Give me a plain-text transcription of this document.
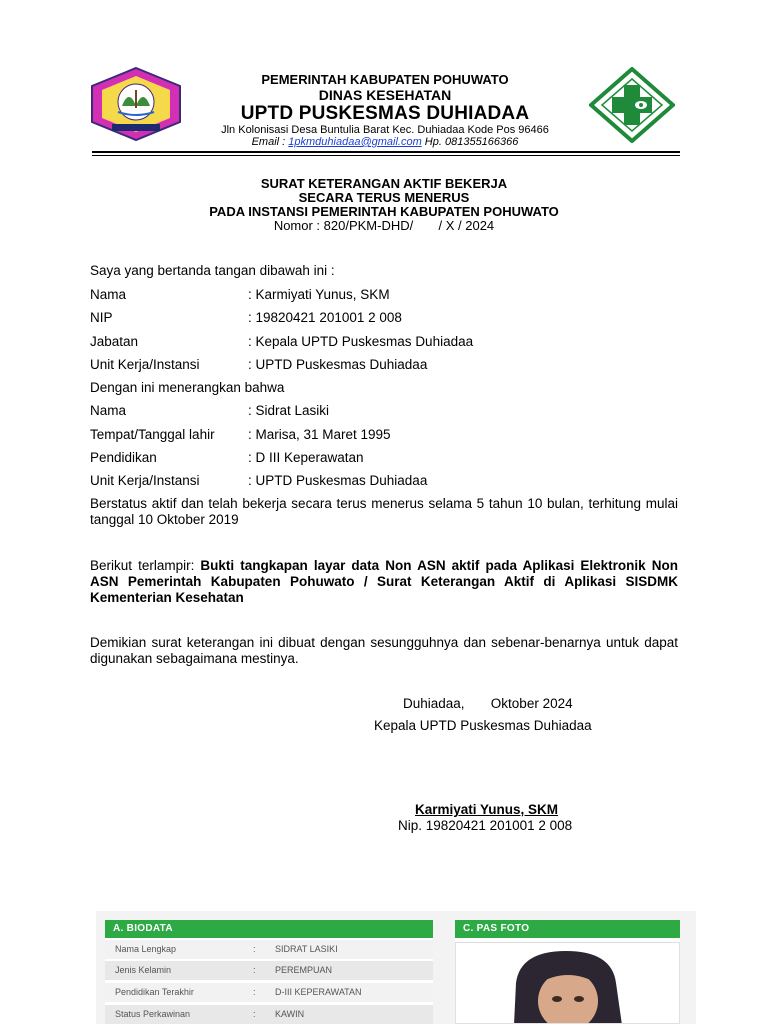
PEMERINTAH KABUPATEN POHUWATO
DINAS KESEHATAN
UPTD PUSKESMAS DUHIADAA
Jln Kolonisasi Desa Buntulia Barat Kec. Duhiadaa Kode Pos 96466
Email : 1pkmduhiadaa@gmail.com Hp. 081355166366
SURAT KETERANGAN AKTIF BEKERJA
SECARA TERUS MENERUS
PADA INSTANSI PEMERINTAH KABUPATEN POHUWATO
Nomor : 820/PKM-DHD/       / X / 2024
Saya yang bertanda tangan dibawah ini :
Nama	: Karmiyati Yunus, SKM
NIP	: 19820421 201001 2 008
Jabatan	: Kepala UPTD Puskesmas Duhiadaa
Unit Kerja/Instansi	: UPTD Puskesmas Duhiadaa
Dengan ini menerangkan bahwa
Nama	: Sidrat Lasiki
Tempat/Tanggal lahir : Marisa, 31 Maret 1995
Pendidikan	: D III Keperawatan
Unit Kerja/Instansi	: UPTD Puskesmas Duhiadaa
Berstatus aktif dan telah bekerja secara terus menerus selama 5 tahun 10 bulan, terhitung mulai tanggal 10 Oktober 2019
Berikut terlampir: Bukti tangkapan layar data Non ASN aktif pada Aplikasi Elektronik Non ASN Pemerintah Kabupaten Pohuwato / Surat Keterangan Aktif di Aplikasi SISDMK Kementerian Kesehatan
Demikian surat keterangan ini dibuat dengan sesungguhnya dan sebenar-benarnya untuk dapat digunakan sebagaimana mestinya.
Duhiadaa,       Oktober 2024
Kepala UPTD Puskesmas Duhiadaa
Karmiyati Yunus, SKM
Nip. 19820421 201001 2 008
A. BIODATA
Nama Lengkap	: SIDRAT LASIKI
Jenis Kelamin	: PEREMPUAN
Pendidikan Terakhir	: D-III KEPERAWATAN
Status Perkawinan	: KAWIN
C. PAS FOTO
